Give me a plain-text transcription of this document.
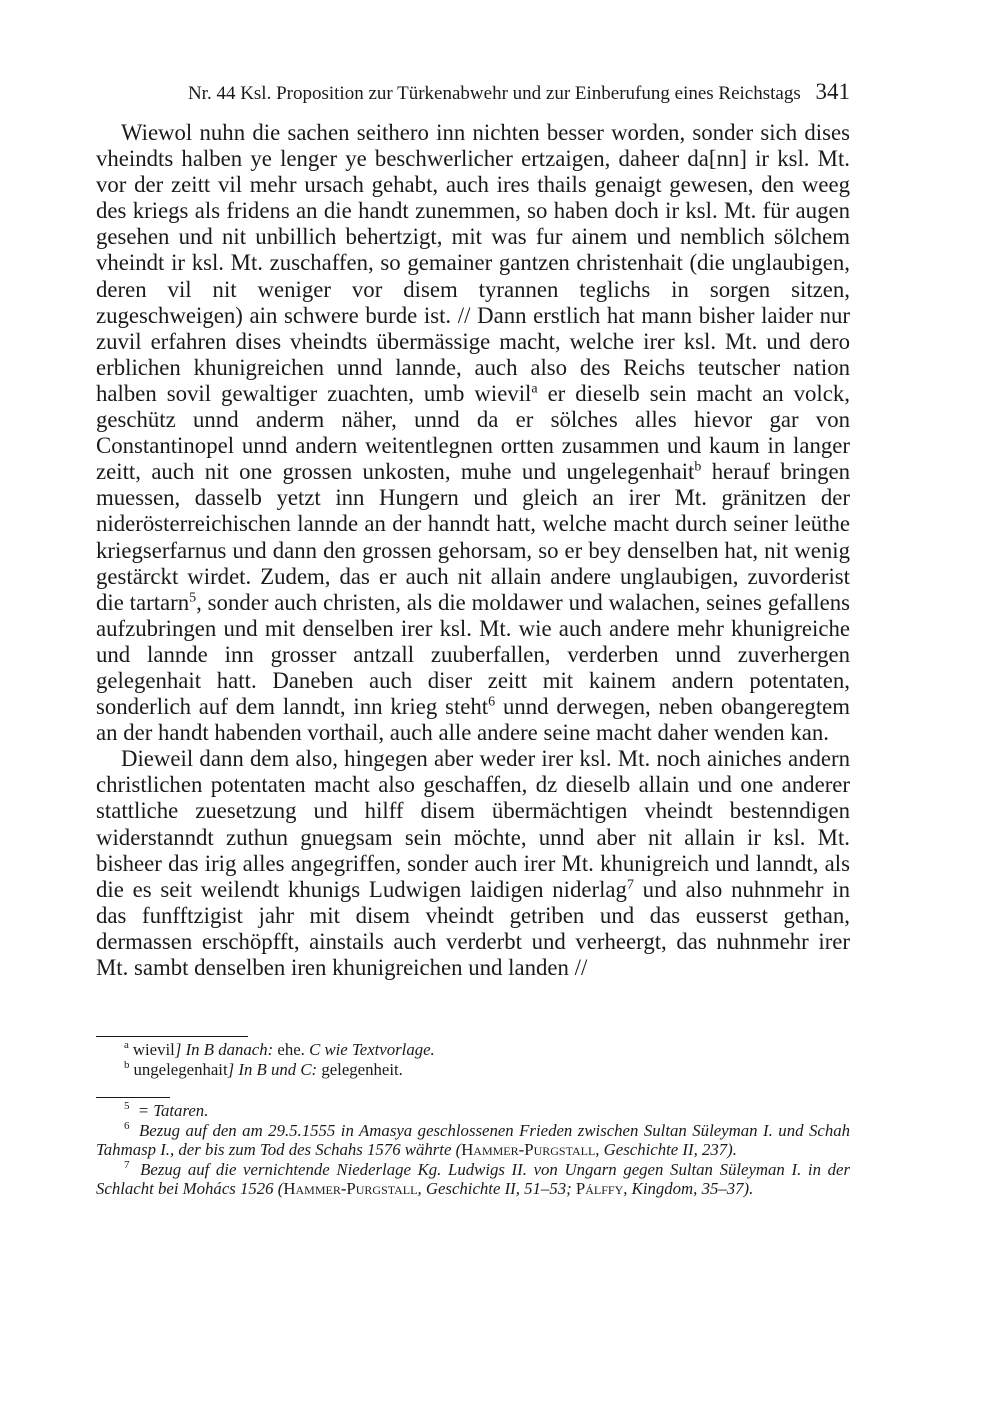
Nr. 44 Ksl. Proposition zur Türkenabwehr und zur Einberufung eines Reichstags 341

Wiewol nuhn die sachen seithero inn nichten besser worden, sonder sich dises vheindts halben ye lenger ye beschwerlicher ertzaigen, daheer da[nn] ir ksl. Mt. vor der zeitt vil mehr ursach gehabt, auch ires thails genaigt gewesen, den weeg des kriegs als fridens an die handt zunemmen, so haben doch ir ksl. Mt. für augen gesehen und nit unbillich behertzigt, mit was fur ainem und nemblich sölchem vheindt ir ksl. Mt. zuschaffen, so gemainer gantzen christenhait (die unglaubigen, deren vil nit weniger vor disem tyrannen teglichs in sorgen sitzen, zugeschweigen) ain schwere burde ist. // Dann erstlich hat mann bisher laider nur zuvil erfahren dises vheindts übermässige macht, welche irer ksl. Mt. und dero erblichen khunigreichen unnd lannde, auch also des Reichs teutscher nation halben sovil gewaltiger zuachten, umb wievil$^a$ er dieselb sein macht an volck, geschütz unnd anderm näher, unnd da er sölches alles hievor gar von Constantinopel unnd andern weitentlegnen ortten zusammen und kaum in langer zeitt, auch nit one grossen unkosten, muhe und ungelegenhait$^b$ herauf bringen muessen, dasselb yetzt inn Hungern und gleich an irer Mt. gränitzen der niderösterreichischen lannde an der hanndt hatt, welche macht durch seiner leüthe kriegserfarnus und dann den grossen gehorsam, so er bey denselben hat, nit wenig gestärckt wirdet. Zudem, das er auch nit allain andere unglaubigen, zuvorderist die tartarn$^5$, sonder auch christen, als die moldawer und walachen, seines gefallens aufzubringen und mit denselben irer ksl. Mt. wie auch andere mehr khunigreiche und lannde inn grosser antzall zuuberfallen, verderben unnd zuverhergen gelegenhait hatt. Daneben auch diser zeitt mit kainem andern potentaten, sonderlich auf dem lanndt, inn krieg steht$^6$ unnd derwegen, neben obangeregtem an der handt habenden vorthail, auch alle andere seine macht daher wenden kan.

Dieweil dann dem also, hingegen aber weder irer ksl. Mt. noch ainiches andern christlichen potentaten macht also geschaffen, dz dieselb allain und one anderer stattliche zuesetzung und hilff disem übermächtigen vheindt bestenndigen widerstanndt zuthun gnuegsam sein möchte, unnd aber nit allain ir ksl. Mt. bisheer das irig alles angegriffen, sonder auch irer Mt. khunigreich und lanndt, als die es seit weilendt khunigs Ludwigen laidigen niderlag$^7$ und also nuhnmehr in das funfftzigist jahr mit disem vheindt getriben und das eusserst gethan, dermassen erschöpfft, ainstails auch verderbt und verheergt, das nuhnmehr irer Mt. sambt denselben iren khunigreichen und landen //

$^a$ wievil] In B danach: ehe. C wie Textvorlage.

$^b$ ungelegenhait] In B und C: gelegenheit.

$^5$ = Tataren.

$^6$ Bezug auf den am 29.5.1555 in Amasya geschlossenen Frieden zwischen Sultan Süleyman I. und Schah Tahmasp I., der bis zum Tod des Schahs 1576 währte (Hammer-Purgstall, Geschichte II, 237).

$^7$ Bezug auf die vernichtende Niederlage Kg. Ludwigs II. von Ungarn gegen Sultan Süleyman I. in der Schlacht bei Mohács 1526 (Hammer-Purgstall, Geschichte II, 51–53; Pálffy, Kingdom, 35–37).
